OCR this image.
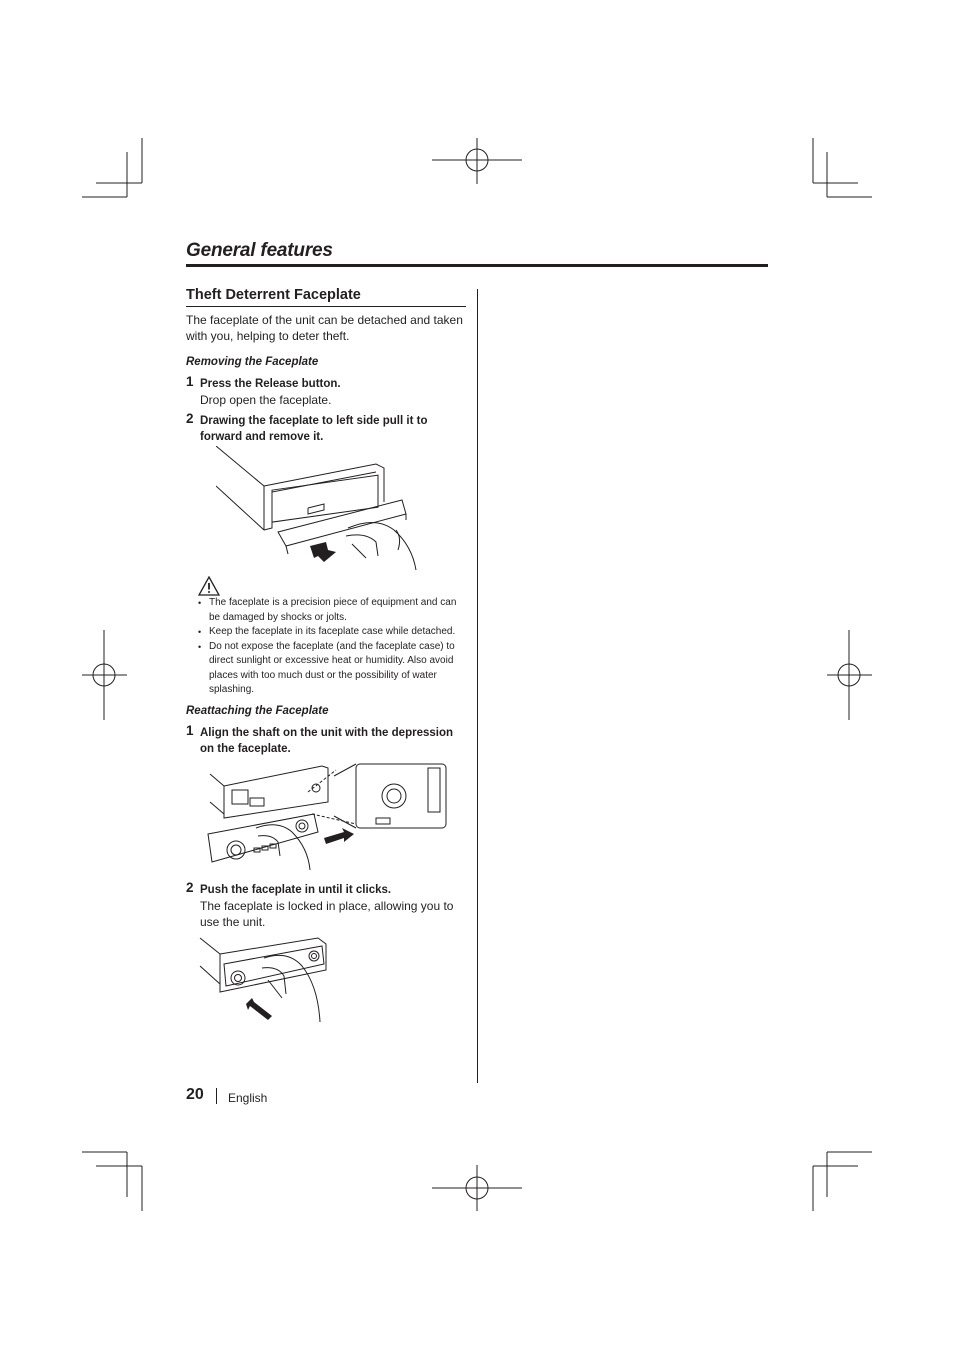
General features
Theft Deterrent Faceplate
The faceplate of the unit can be detached and taken with you, helping to deter theft.
Removing the Faceplate
1 Press the Release button.
Drop open the faceplate.
2 Drawing the faceplate to left side pull it to forward and remove it.
• The faceplate is a precision piece of equipment and can be damaged by shocks or jolts.
• Keep the faceplate in its faceplate case while detached.
• Do not expose the faceplate (and the faceplate case) to direct sunlight or excessive heat or humidity. Also avoid places with too much dust or the possibility of water splashing.
Reattaching the Faceplate
1 Align the shaft on the unit with the depression on the faceplate.
2 Push the faceplate in until it clicks.
The faceplate is locked in place, allowing you to use the unit.
20 English
